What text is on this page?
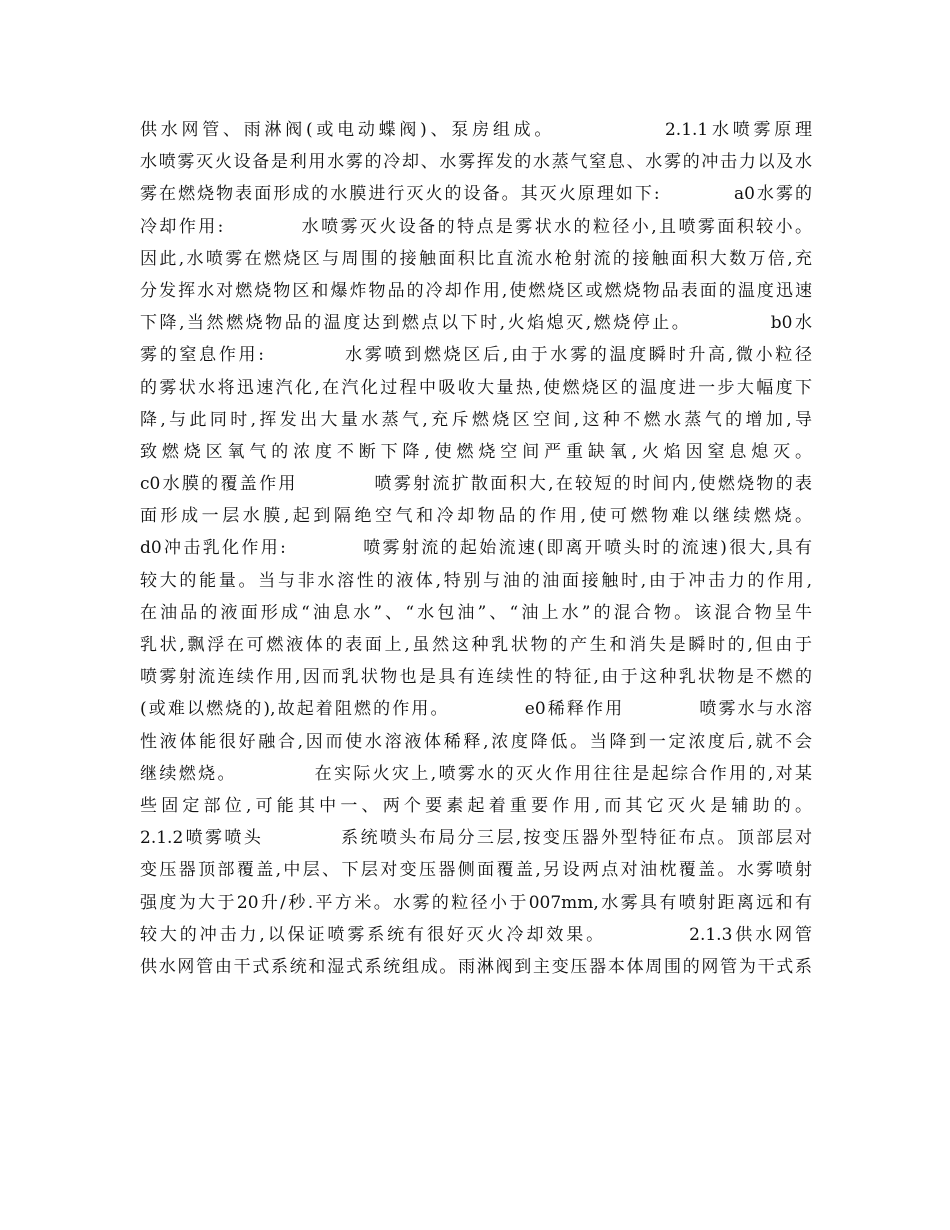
供水网管、雨淋阀(或电动蝶阀)、泵房组成。            2.1.1水喷雾原理
水喷雾灭火设备是利用水雾的冷却、水雾挥发的水蒸气窒息、水雾的冲击力以及水
雾在燃烧物表面形成的水膜进行灭火的设备。其灭火原理如下:          a0水雾的
冷却作用:          水喷雾灭火设备的特点是雾状水的粒径小,且喷雾面积较小。
因此,水喷雾在燃烧区与周围的接触面积比直流水枪射流的接触面积大数万倍,充
分发挥水对燃烧物区和爆炸物品的冷却作用,使燃烧区或燃烧物品表面的温度迅速
下降,当然燃烧物品的温度达到燃点以下时,火焰熄灭,燃烧停止。          b0水
雾的窒息作用:          水雾喷到燃烧区后,由于水雾的温度瞬时升高,微小粒径
的雾状水将迅速汽化,在汽化过程中吸收大量热,使燃烧区的温度进一步大幅度下
降,与此同时,挥发出大量水蒸气,充斥燃烧区空间,这种不燃水蒸气的增加,导
致燃烧区氧气的浓度不断下降,使燃烧空间严重缺氧,火焰因窒息熄灭。
c0水膜的覆盖作用          喷雾射流扩散面积大,在较短的时间内,使燃烧物的表
面形成一层水膜,起到隔绝空气和冷却物品的作用,使可燃物难以继续燃烧。
d0冲击乳化作用:          喷雾射流的起始流速(即离开喷头时的流速)很大,具有
较大的能量。当与非水溶性的液体,特别与油的油面接触时,由于冲击力的作用,
在油品的液面形成“油息水”、“水包油”、“油上水”的混合物。该混合物呈牛
乳状,飘浮在可燃液体的表面上,虽然这种乳状物的产生和消失是瞬时的,但由于
喷雾射流连续作用,因而乳状物也是具有连续性的特征,由于这种乳状物是不燃的
(或难以燃烧的),故起着阻燃的作用。          e0稀释作用          喷雾水与水溶
性液体能很好融合,因而使水溶液体稀释,浓度降低。当降到一定浓度后,就不会
继续燃烧。          在实际火灾上,喷雾水的灭火作用往往是起综合作用的,对某
些固定部位,可能其中一、两个要素起着重要作用,而其它灭火是辅助的。
2.1.2喷雾喷头          系统喷头布局分三层,按变压器外型特征布点。顶部层对
变压器顶部覆盖,中层、下层对变压器侧面覆盖,另设两点对油枕覆盖。水雾喷射
强度为大于20升/秒.平方米。水雾的粒径小于007mm,水雾具有喷射距离远和有
较大的冲击力,以保证喷雾系统有很好灭火冷却效果。          2.1.3供水网管
供水网管由干式系统和湿式系统组成。雨淋阀到主变压器本体周围的网管为干式系
